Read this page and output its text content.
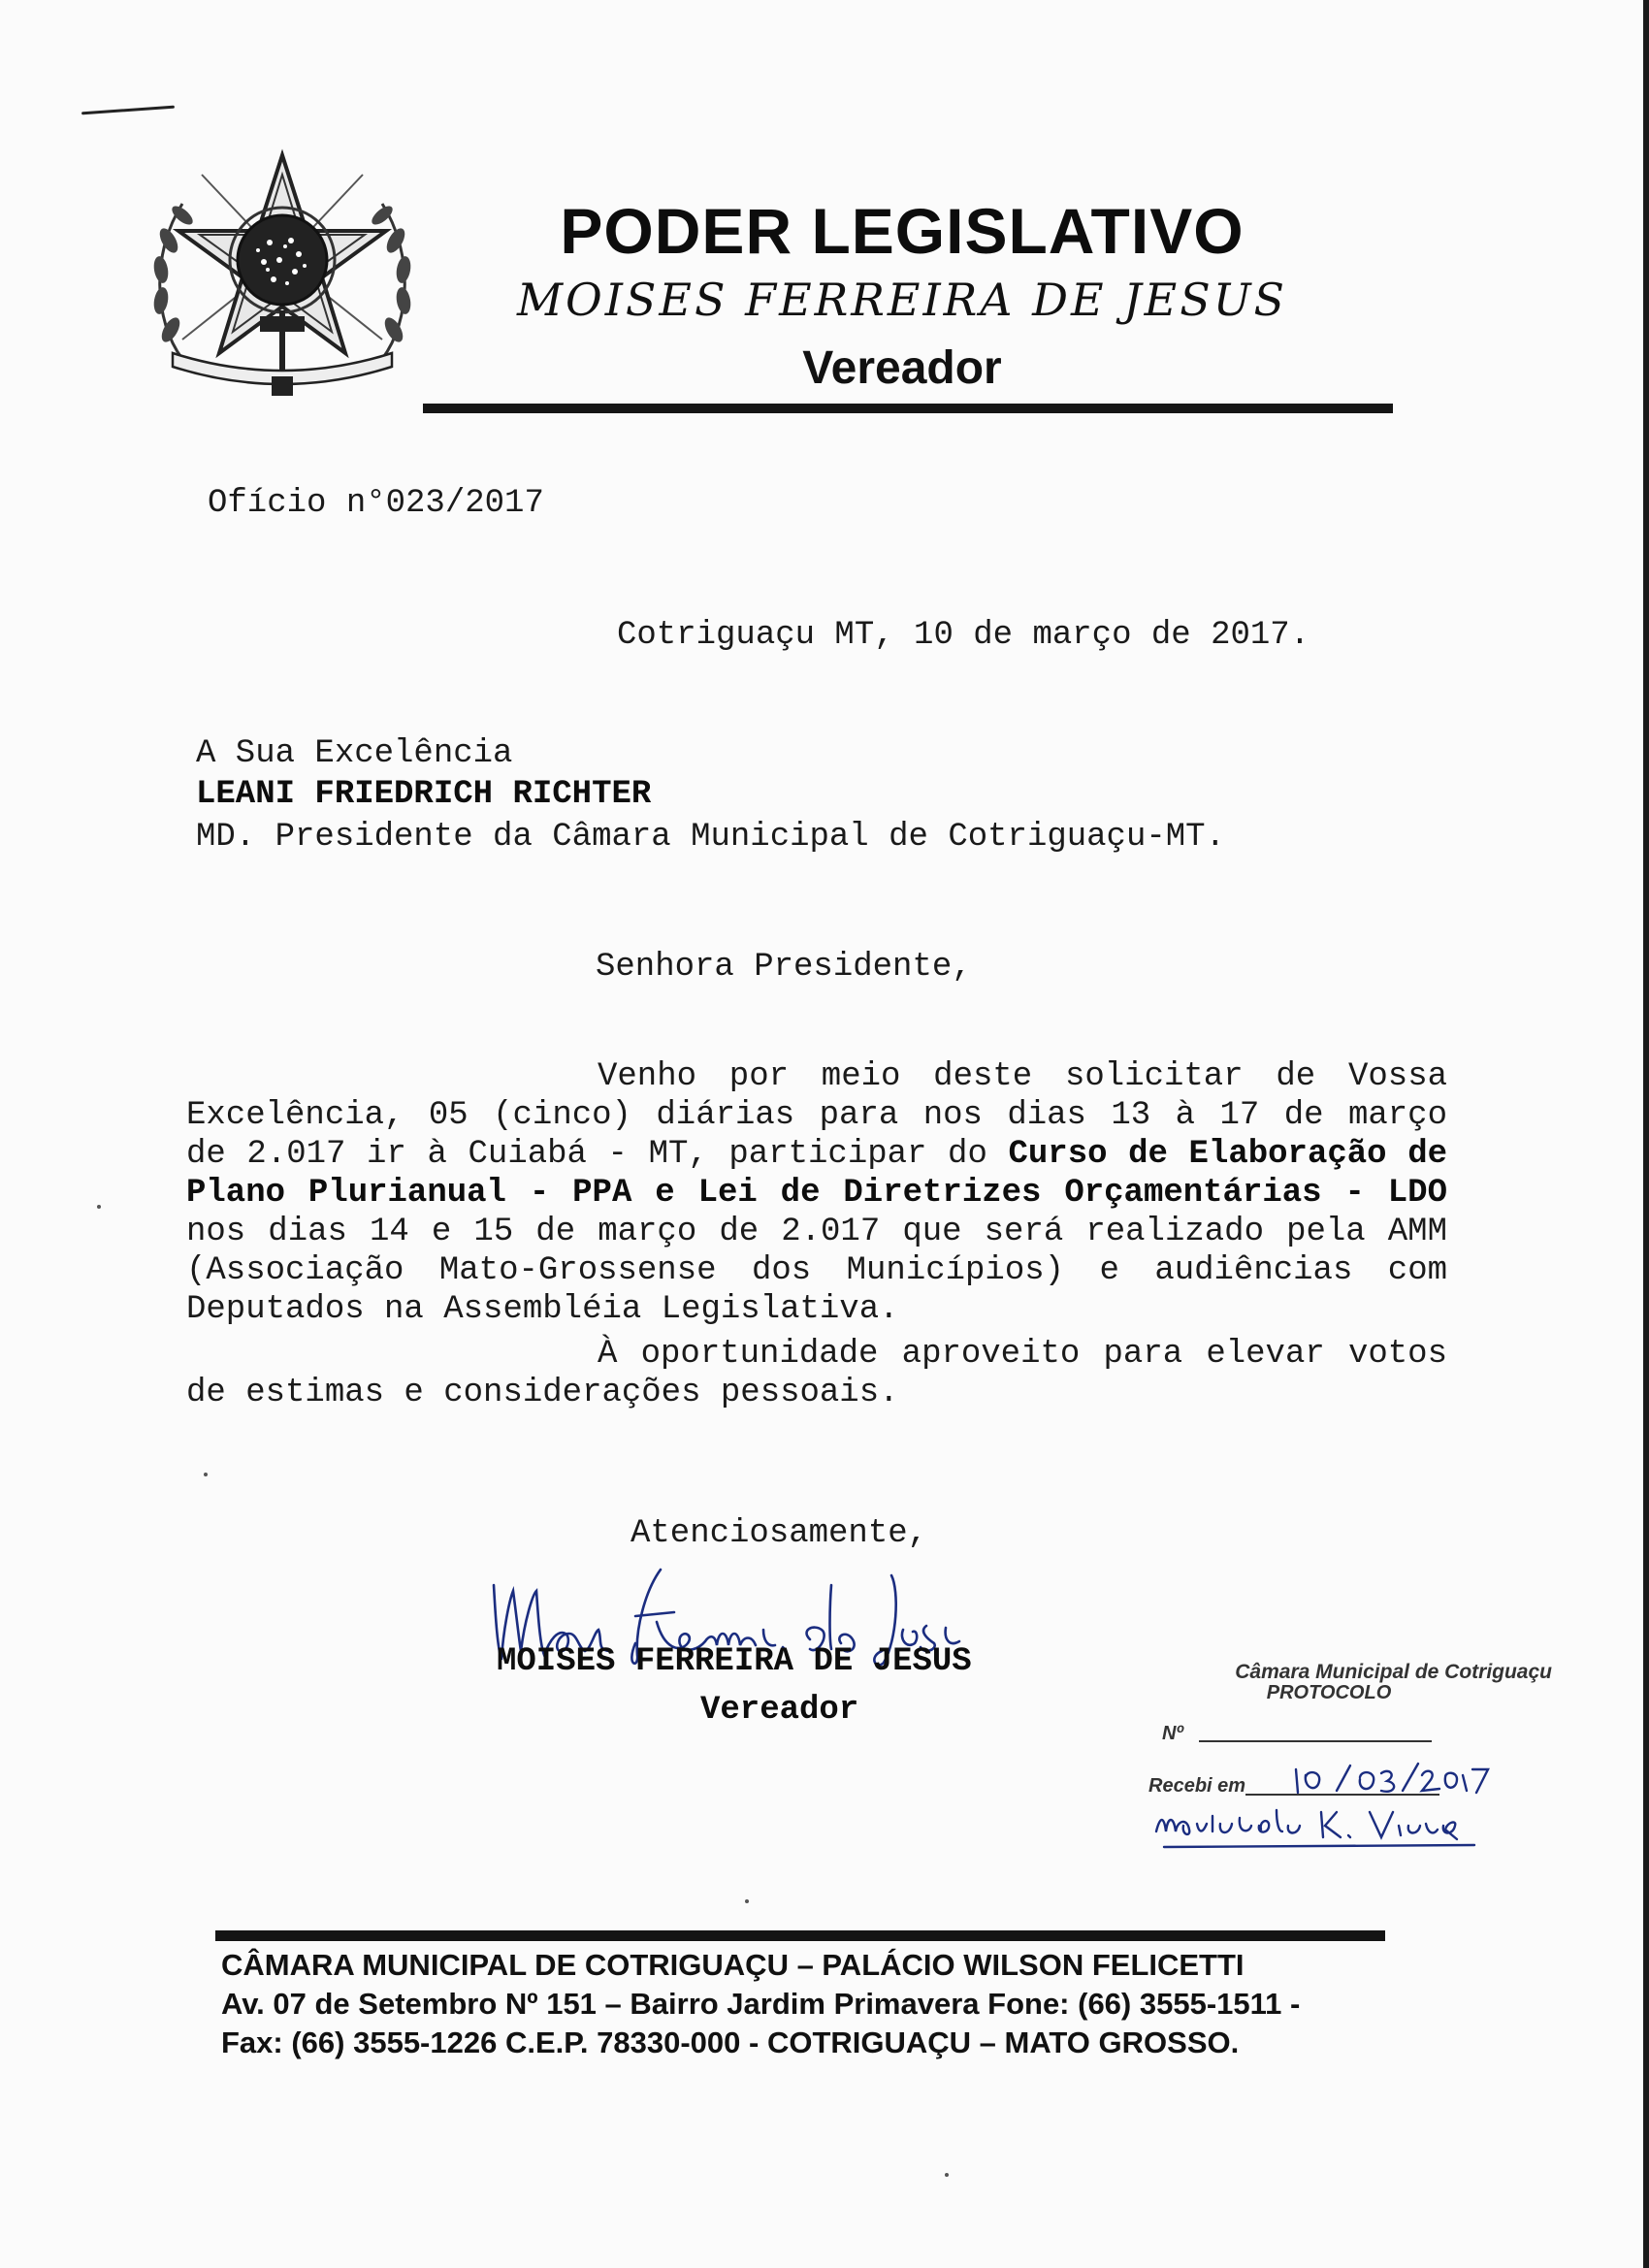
PODER LEGISLATIVO
MOISES FERREIRA DE JESUS
Vereador
Ofício n°023/2017
Cotriguaçu MT, 10 de março de 2017.
A Sua Excelência
LEANI FRIEDRICH RICHTER
MD. Presidente da Câmara Municipal de Cotriguaçu-MT.
Senhora Presidente,

Venho por meio deste solicitar de Vossa Excelência, 05 (cinco) diárias para nos dias 13 à 17 de março de 2.017 ir à Cuiabá - MT, participar do Curso de Elaboração de Plano Plurianual - PPA e Lei de Diretrizes Orçamentárias - LDO nos dias 14 e 15 de março de 2.017 que será realizado pela AMM (Associação Mato-Grossense dos Municípios) e audiências com Deputados na Assembléia Legislativa.

À oportunidade aproveito para elevar votos de estimas e considerações pessoais.

Atenciosamente,
MOISES FERREIRA DE JESUS
Vereador
Câmara Municipal de Cotriguaçu
PROTOCOLO
Nº
Recebi em
CÂMARA MUNICIPAL DE COTRIGUAÇU – PALÁCIO WILSON FELICETTI
Av. 07 de Setembro Nº 151 – Bairro Jardim Primavera Fone: (66) 3555-1511 -
Fax: (66) 3555-1226 C.E.P. 78330-000 - COTRIGUAÇU – MATO GROSSO.
